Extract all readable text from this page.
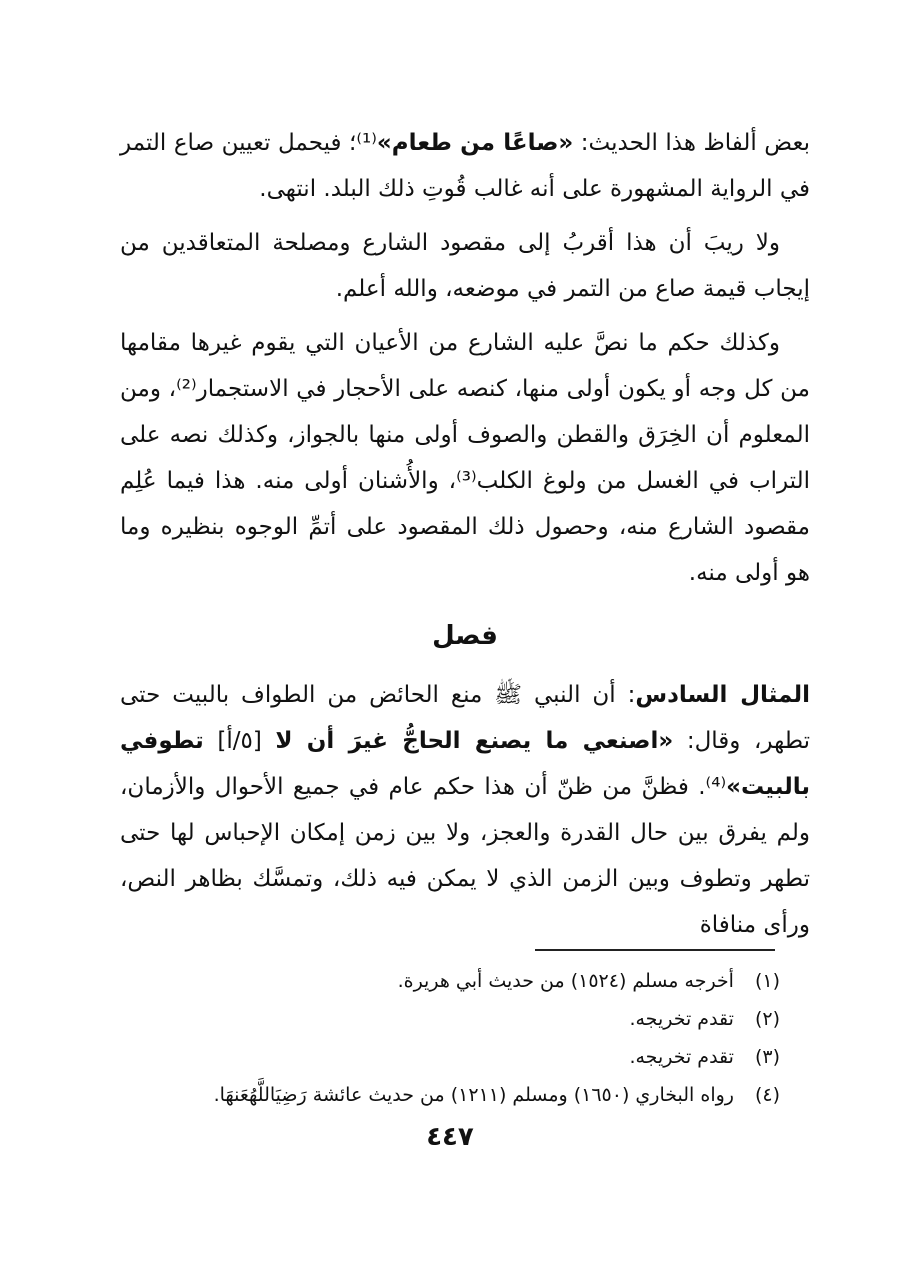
بعض ألفاظ هذا الحديث: «صاعًا من طعام»⁽¹⁾؛ فيحمل تعيين صاع التمر في الرواية المشهورة على أنه غالب قُوتِ ذلك البلد. انتهى.

ولا ريبَ أن هذا أقربُ إلى مقصود الشارع ومصلحة المتعاقدين من إيجاب قيمة صاع من التمر في موضعه، والله أعلم.

وكذلك حكم ما نصَّ عليه الشارع من الأعيان التي يقوم غيرها مقامها من كل وجه أو يكون أولى منها، كنصه على الأحجار في الاستجمار⁽²⁾، ومن المعلوم أن الخِرَق والقطن والصوف أولى منها بالجواز، وكذلك نصه على التراب في الغسل من ولوغ الكلب⁽³⁾، والأُشنان أولى منه. هذا فيما عُلِم مقصود الشارع منه، وحصول ذلك المقصود على أتمِّ الوجوه بنظيره وما هو أولى منه.

فصل

المثال السادس: أن النبي ﷺ منع الحائض من الطواف بالبيت حتى تطهر، وقال: «اصنعي ما يصنع الحاجُّ غيرَ أن لا [٥/أ] تطوفي بالبيت»⁽⁴⁾. فظنَّ من ظنّ أن هذا حكم عام في جميع الأحوال والأزمان، ولم يفرق بين حال القدرة والعجز، ولا بين زمن إمكان الإحباس لها حتى تطهر وتطوف وبين الزمن الذي لا يمكن فيه ذلك، وتمسَّك بظاهر النص، ورأى منافاة

(١) أخرجه مسلم (١٥٢٤) من حديث أبي هريرة.
(٢) تقدم تخريجه.
(٣) تقدم تخريجه.
(٤) رواه البخاري (١٦٥٠) ومسلم (١٢١١) من حديث عائشة رَضِيَاللَّهُعَنهَا.
٤٤٧
